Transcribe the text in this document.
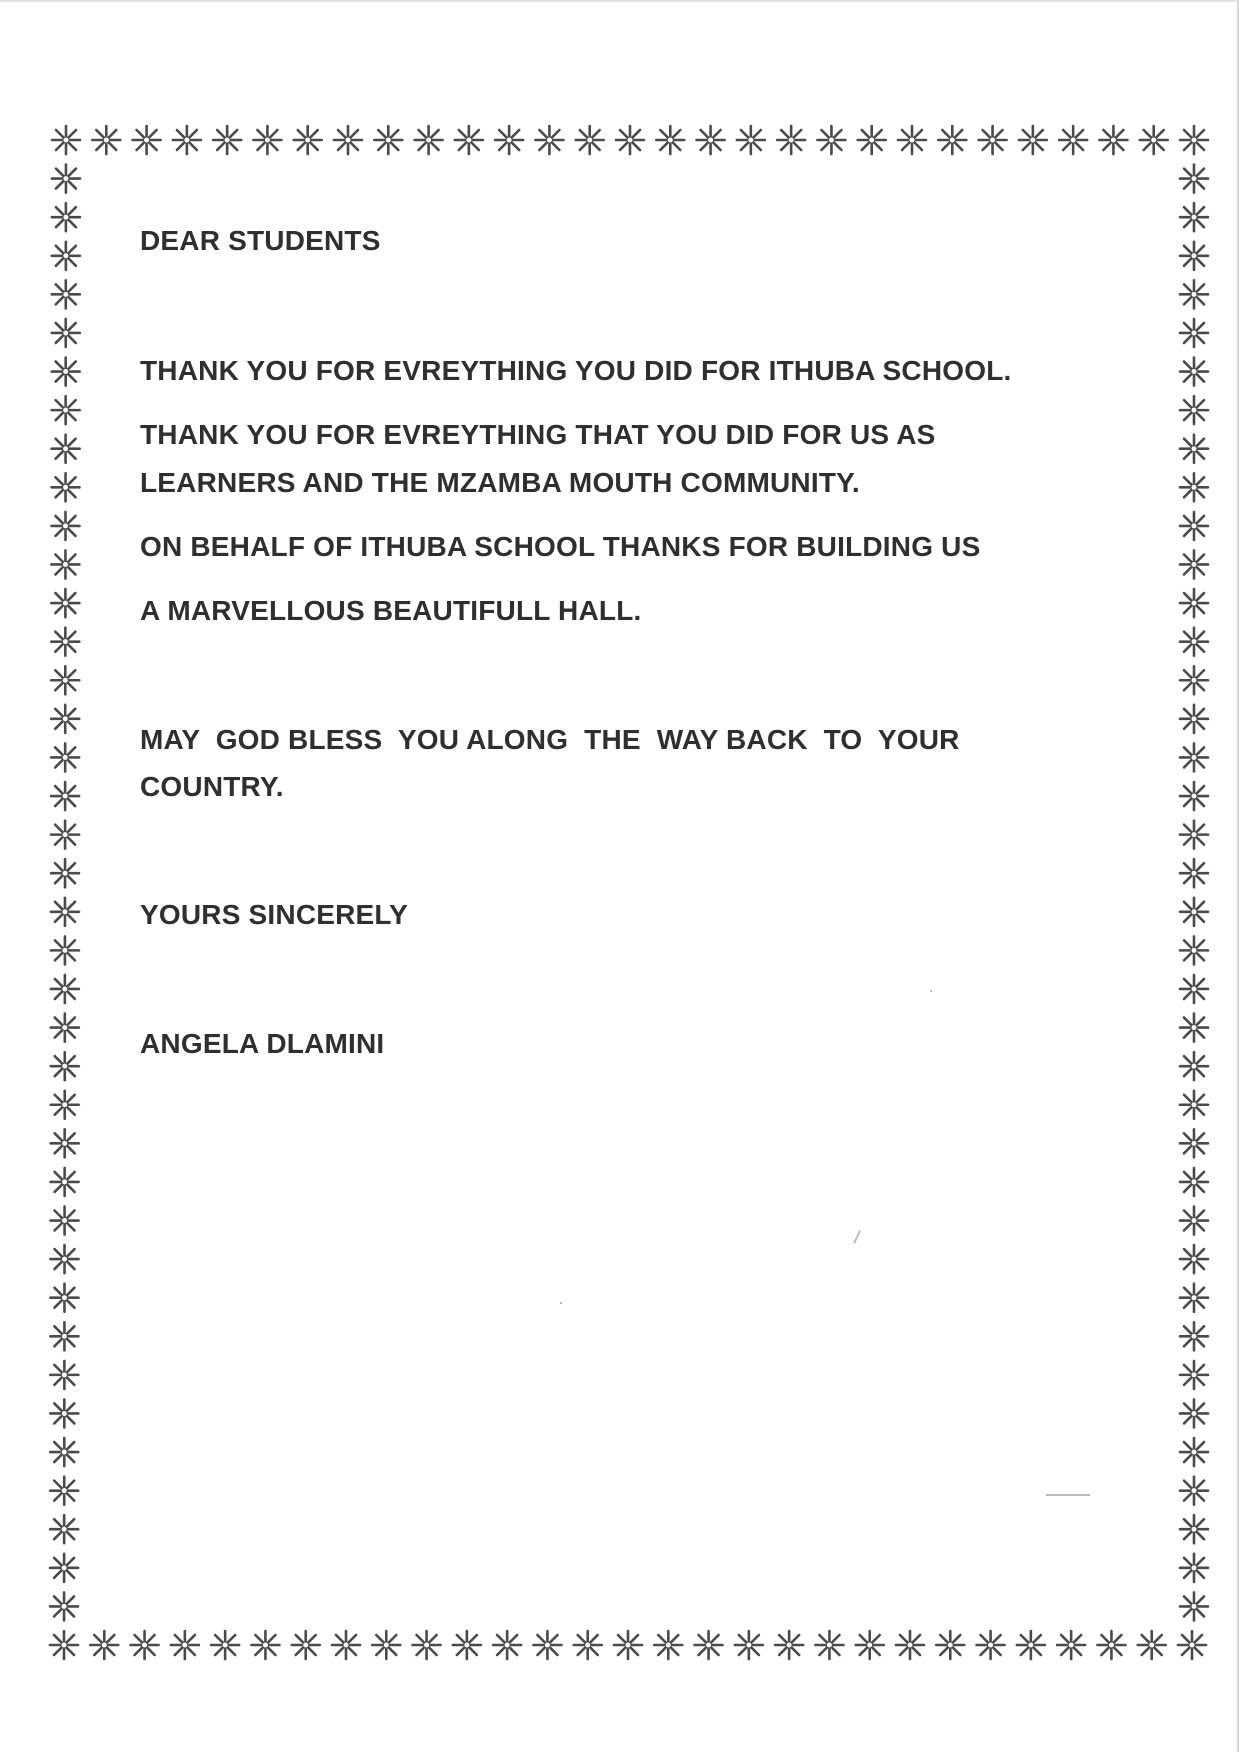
DEAR STUDENTS

THANK YOU FOR EVREYTHING YOU DID FOR ITHUBA SCHOOL.

THANK YOU FOR EVREYTHING THAT YOU DID FOR US AS

LEARNERS AND THE MZAMBA MOUTH COMMUNITY.

ON BEHALF OF ITHUBA SCHOOL THANKS FOR BUILDING US

A MARVELLOUS BEAUTIFULL HALL.

MAY  GOD BLESS  YOU ALONG  THE  WAY BACK  TO  YOUR

COUNTRY.

YOURS SINCERELY

ANGELA DLAMINI
